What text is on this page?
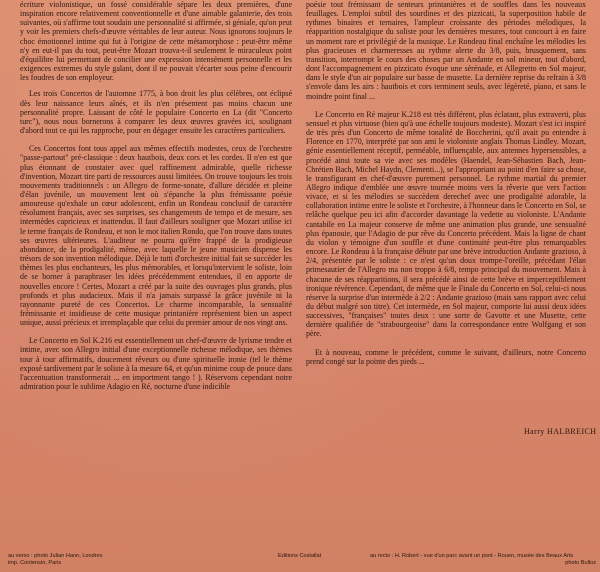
écriture violonistique, un fossé considérable sépare les deux premières, d'une inspiration encore relativement conventionnelle et d'une aimable galanterie, des trois suivantes, où s'affirme tout soudain une personnalité si affirmée, si géniale, qu'on peut y voir les premiers chefs-d'œuvre véritables de leur auteur. Nous ignorons toujours le choc émotionnel intime qui fut à l'origine de cette métamorphose : peut-être même n'y en eut-il pas du tout, peut-être Mozart trouva-t-il seulement le miraculeux point d'équilibre lui permettant de concilier une expression intensément personnelle et les exigences extremes du style galant, dont il ne pouvait s'écarter sous peine d'encourir les foudres de son employeur.

Les trois Concertos de l'automne 1775, à bon droit les plus célèbres, ont éclipsé dès leur naissance leurs aînés, et ils n'en présentent pas moins chacun une personnalité propre. Laissant de côté le populaire Concerto en La (dit "Concerto turc"), nous nous bornerons à comparer les deux œuvres gravées ici, soulignant d'abord tout ce qui les rapproche, pour en dégager ensuite les caractères particuliers.

Ces Concertos font tous appel aux mêmes effectifs modestes, ceux de l'orchestre "passe-partout" pré-classique : deux hautbois, deux cors et les cordes. Il n'en est que plus étonnant de constater avec quel raffinement admirable, quelle richesse d'invention, Mozart tire parti de ressources aussi limitées. On trouve toujours les trois mouvements traditionnels : un Allegro de forme-sonate, d'allure décidée et pleine d'élan juvénile, un mouvement lent où s'épanche la plus frémissante poésie amoureuse qu'exhale un cœur adolescent, enfin un Rondeau conclusif de caractère résolument français, avec ses surprises, ses changements de tempo et de mesure, ses intermèdes capricieux et inattendus. Il faut d'ailleurs souligner que Mozart utilise ici le terme français de Rondeau, et non le mot italien Rondo, que l'on trouve dans toutes ses œuvres ultérieures. L'auditeur ne pourra qu'être frappé de la prodigieuse abondance, de la prodigalité, même, avec laquelle le jeune musicien dispense les trésors de son invention mélodique. Déjà le tutti d'orchestre initial fait se succéder les thèmes les plus enchanteurs, les plus mémorables, et lorsqu'intervient le soliste, loin de se borner à paraphraser les idées précédemment entendues, il en apporte de nouvelles encore ! Certes, Mozart a créé par la suite des ouvrages plus grands, plus profonds et plus audacieux. Mais il n'a jamais surpassé la grâce juvénile ni la rayonnante pureté de ces Concertos. Le charme incomparable, la sensualité frémissante et insidieuse de cette musique printanière représentent bien un aspect unique, aussi précieux et irremplaçable que celui du premier amour de nos vingt ans.

Le Concerto en Sol K.216 est essentiellement un chef-d'œuvre de lyrisme tendre et intime, avec son Allegro initial d'une exceptionnelle richesse mélodique, ses thèmes tour à tour affirmatifs, doucement rêveurs ou d'une spirituelle ironie (tel le thème exposé tardivement par le soliste à la mesure 64, et qu'un minime coup de pouce dans l'accentuation transformerait ... en importment tango ! ). Réservons cependant notre admiration pour le sublime Adagio en Ré, nocturne d'une indicible

poésie tout frémissant de senteurs printanières et de souffles dans les nouveaux feuillages. L'emploi subtil des sourdines et des pizzicati, la superposition habile de rythmes binaires et ternaires, l'ampleur croissante des périodes mélodiques, la réapparition nostalgique du soliste pour les dernières mesures, tout concourt à en faire un moment rare et privilégié de la musique. Le Rondeau final enchaîne les mélodies les plus gracieuses et charmeresses au rythme alerte du 3/8, puis, brusquement, sans transition, interrompt le cours des choses par un Andante en sol mineur, tout d'abord, dont l'accompagnement en pizzicato évoque une sérénade, et Allegretto en Sol majeur, dans le style d'un air populaire sur basse de musette. La dernière reprise du refrain à 3/8 s'envole dans les airs : hautbois et cors terminent seuls, avec légèreté, piano, et sans le moindre point final ...

Le Concerto en Ré majeur K.218 est très différent, plus éclatant, plus extraverti, plus sensuel et plus virtuose (bien qu'à une échelle toujours modeste). Mozart s'est ici inspiré de très près d'un Concerto de même tonalité de Boccherini, qu'il avait pu entendre à Florence en 1770, interprété par son ami le violoniste anglais Thomas Lindley. Mozart, génie essentiellement réceptif, perméable, influençable, aux antennes hypersensibles, a procédé ainsi toute sa vie avec ses modèles (Haendel, Jean-Sébastien Bach, Jean-Chrétien Bach, Michel Haydn, Clementi...), se l'appropriant au point d'en faire sa chose, le transfigurant en chef-d'œuvre purement personnel. Le rythme martial du premier Allegro indique d'emblée une œuvre tournée moins vers la rêverie que vers l'action vivace, et si les mélodies se succèdent derechef avec une prodigalité adorable, la collaboration intime entre le soliste et l'orchestre, à l'honneur dans le Concerto en Sol, se relâche quelque peu ici afin d'accorder davantage la vedette au violoniste. L'Andante cantabile en La majeur conserve de même une animation plus grande, une sensualité plus épanouie, que l'Adagio de pur rêve du Concerto précédent. Mais la ligne de chant du violon y témoigne d'un souffle et d'une continuité peut-être plus remarquables encore. Le Rondeau à la française débute par une brève introduction Andante grazioso, à 2/4, présentée par le soliste : ce n'est qu'un doux trompe-l'oreille, précédant l'élan primesautier de l'Allegro ma non troppo à 6/8, tempo principal du mouvement. Mais à chacune de ses réapparitions, il sera précédé ainsi de cette brève et imperceptiblement ironique révérence. Cependant, de même que le Finale du Concerto en Sol, celui-ci nous réserve la surprise d'un intermède à 2/2 : Andante grazioso (mais sans rapport avec celui du début malgré son titre). Cet intermède, en Sol majeur, comporte lui aussi deux idées successives, "françaises" toutes deux : une sorte de Gavotte et une Musette, cette dernière qualifiée de "strabourgeoise" dans la correspondance entre Wolfgang et son père.

Et à nouveau, comme le précédent, comme le suivant, d'ailleurs, notre Concerto prend congé sur la pointe des pieds ...

Harry HALBREICH
au verso : photo Julian Hann, Londres
imp. Contensin, Paris
Editions Costallat	au recto : H. Robert - vue d'un parc avant un pont - Rouen, musée des Beaux Arts
photo Bulloz
